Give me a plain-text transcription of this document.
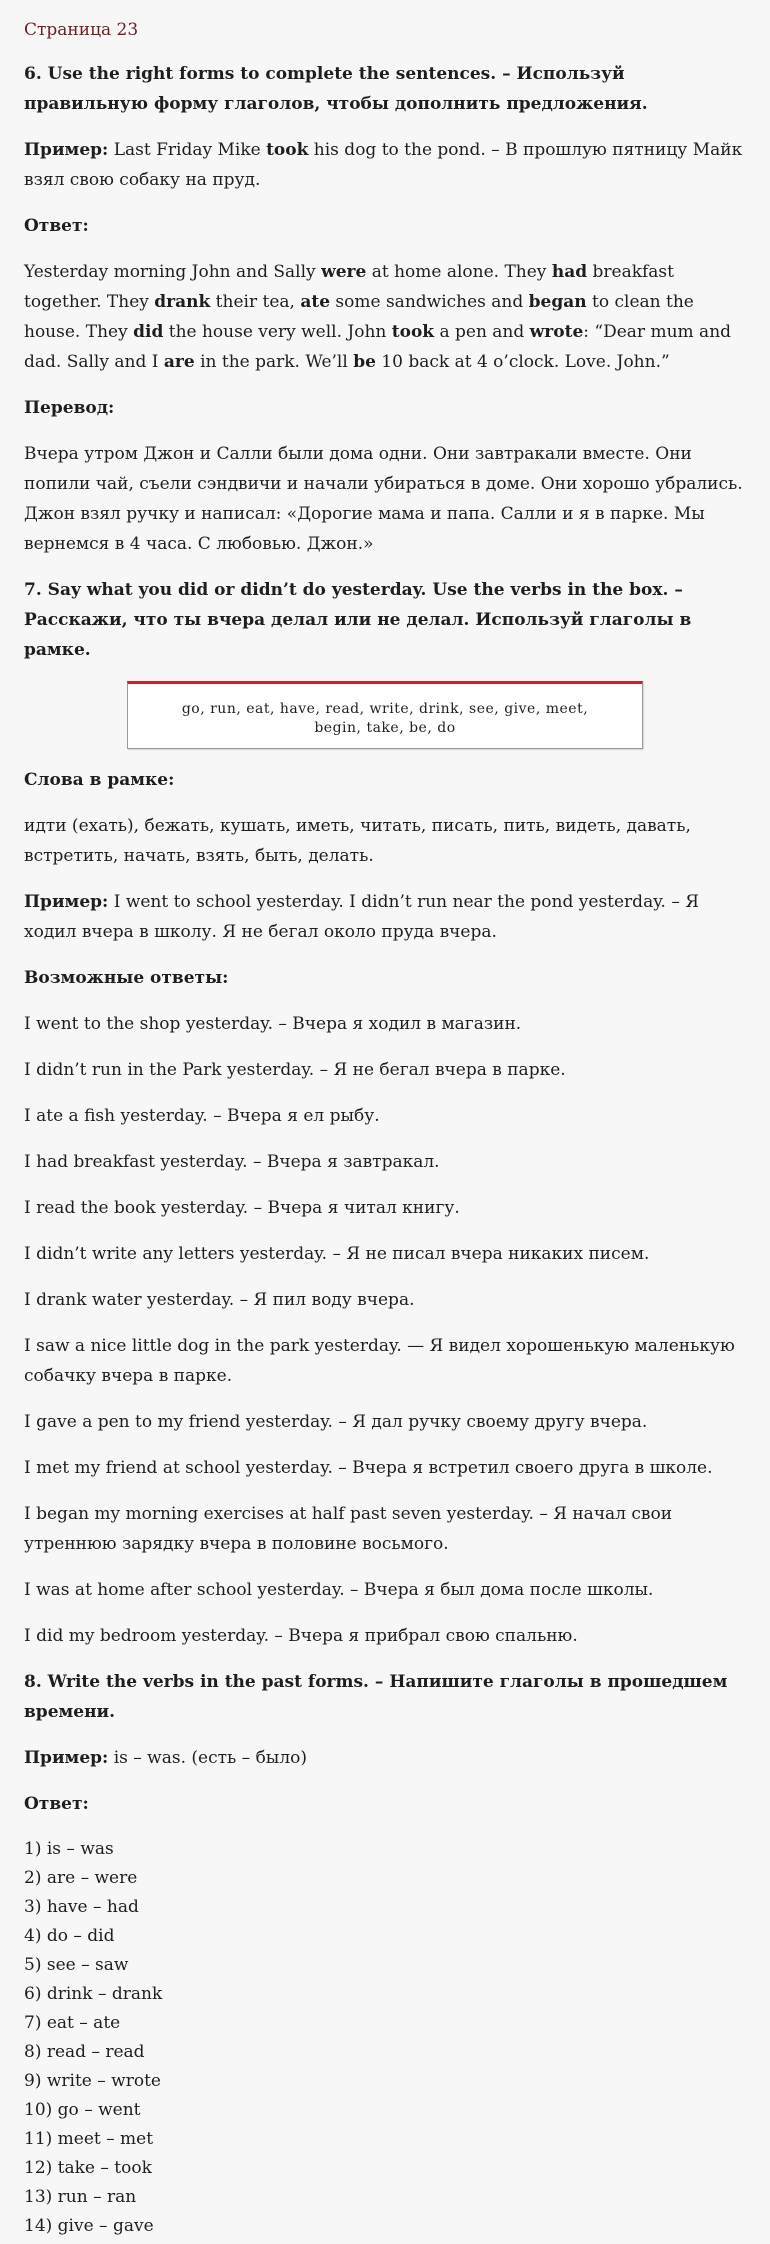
Страница 23
6. Use the right forms to complete the sentences. – Используй правильную форму глаголов, чтобы дополнить предложения.

Пример: Last Friday Mike took his dog to the pond. – В прошлую пятницу Майк взял свою собаку на пруд.

Ответ:

Yesterday morning John and Sally were at home alone. They had breakfast together. They drank their tea, ate some sandwiches and began to clean the house. They did the house very well. John took a pen and wrote: “Dear mum and dad. Sally and I are in the park. We’ll be 10 back at 4 o’clock. Love. John.”

Перевод:

Вчера утром Джон и Салли были дома одни. Они завтракали вместе. Они попили чай, съели сэндвичи и начали убираться в доме. Они хорошо убрались. Джон взял ручку и написал: «Дорогие мама и папа. Салли и я в парке. Мы вернемся в 4 часа. С любовью. Джон.»

7. Say what you did or didn’t do yesterday. Use the verbs in the box. – Расскажи, что ты вчера делал или не делал. Используй глаголы в рамке.
go, run, eat, have, read, write, drink, see, give, meet,
begin, take, be, do

Слова в рамке:

идти (ехать), бежать, кушать, иметь, читать, писать, пить, видеть, давать, встретить, начать, взять, быть, делать.

Пример: I went to school yesterday. I didn’t run near the pond yesterday. – Я ходил вчера в школу. Я не бегал около пруда вчера.

Возможные ответы:

I went to the shop yesterday. – Вчера я ходил в магазин.

I didn’t run in the Park yesterday. – Я не бегал вчера в парке.

I ate a fish yesterday. – Вчера я ел рыбу.

I had breakfast yesterday. – Вчера я завтракал.

I read the book yesterday. – Вчера я читал книгу.

I didn’t write any letters yesterday. – Я не писал вчера никаких писем.

I drank water yesterday. – Я пил воду вчера.

I saw a nice little dog in the park yesterday. — Я видел хорошенькую маленькую собачку вчера в парке.

I gave a pen to my friend yesterday. – Я дал ручку своему другу вчера.

I met my friend at school yesterday. – Вчера я встретил своего друга в школе.

I began my morning exercises at half past seven yesterday. – Я начал свои утреннюю зарядку вчера в половине восьмого.

I was at home after school yesterday. – Вчера я был дома после школы.

I did my bedroom yesterday. – Вчера я прибрал свою спальню.

8. Write the verbs in the past forms. – Напишите глаголы в прошедшем времени.

Пример: is – was. (есть – было)

Ответ:

1) is – was
2) are – were
3) have – had
4) do – did
5) see – saw
6) drink – drank
7) eat – ate
8) read – read
9) write – wrote
10) go – went
11) meet – met
12) take – took
13) run – ran
14) give – gave
